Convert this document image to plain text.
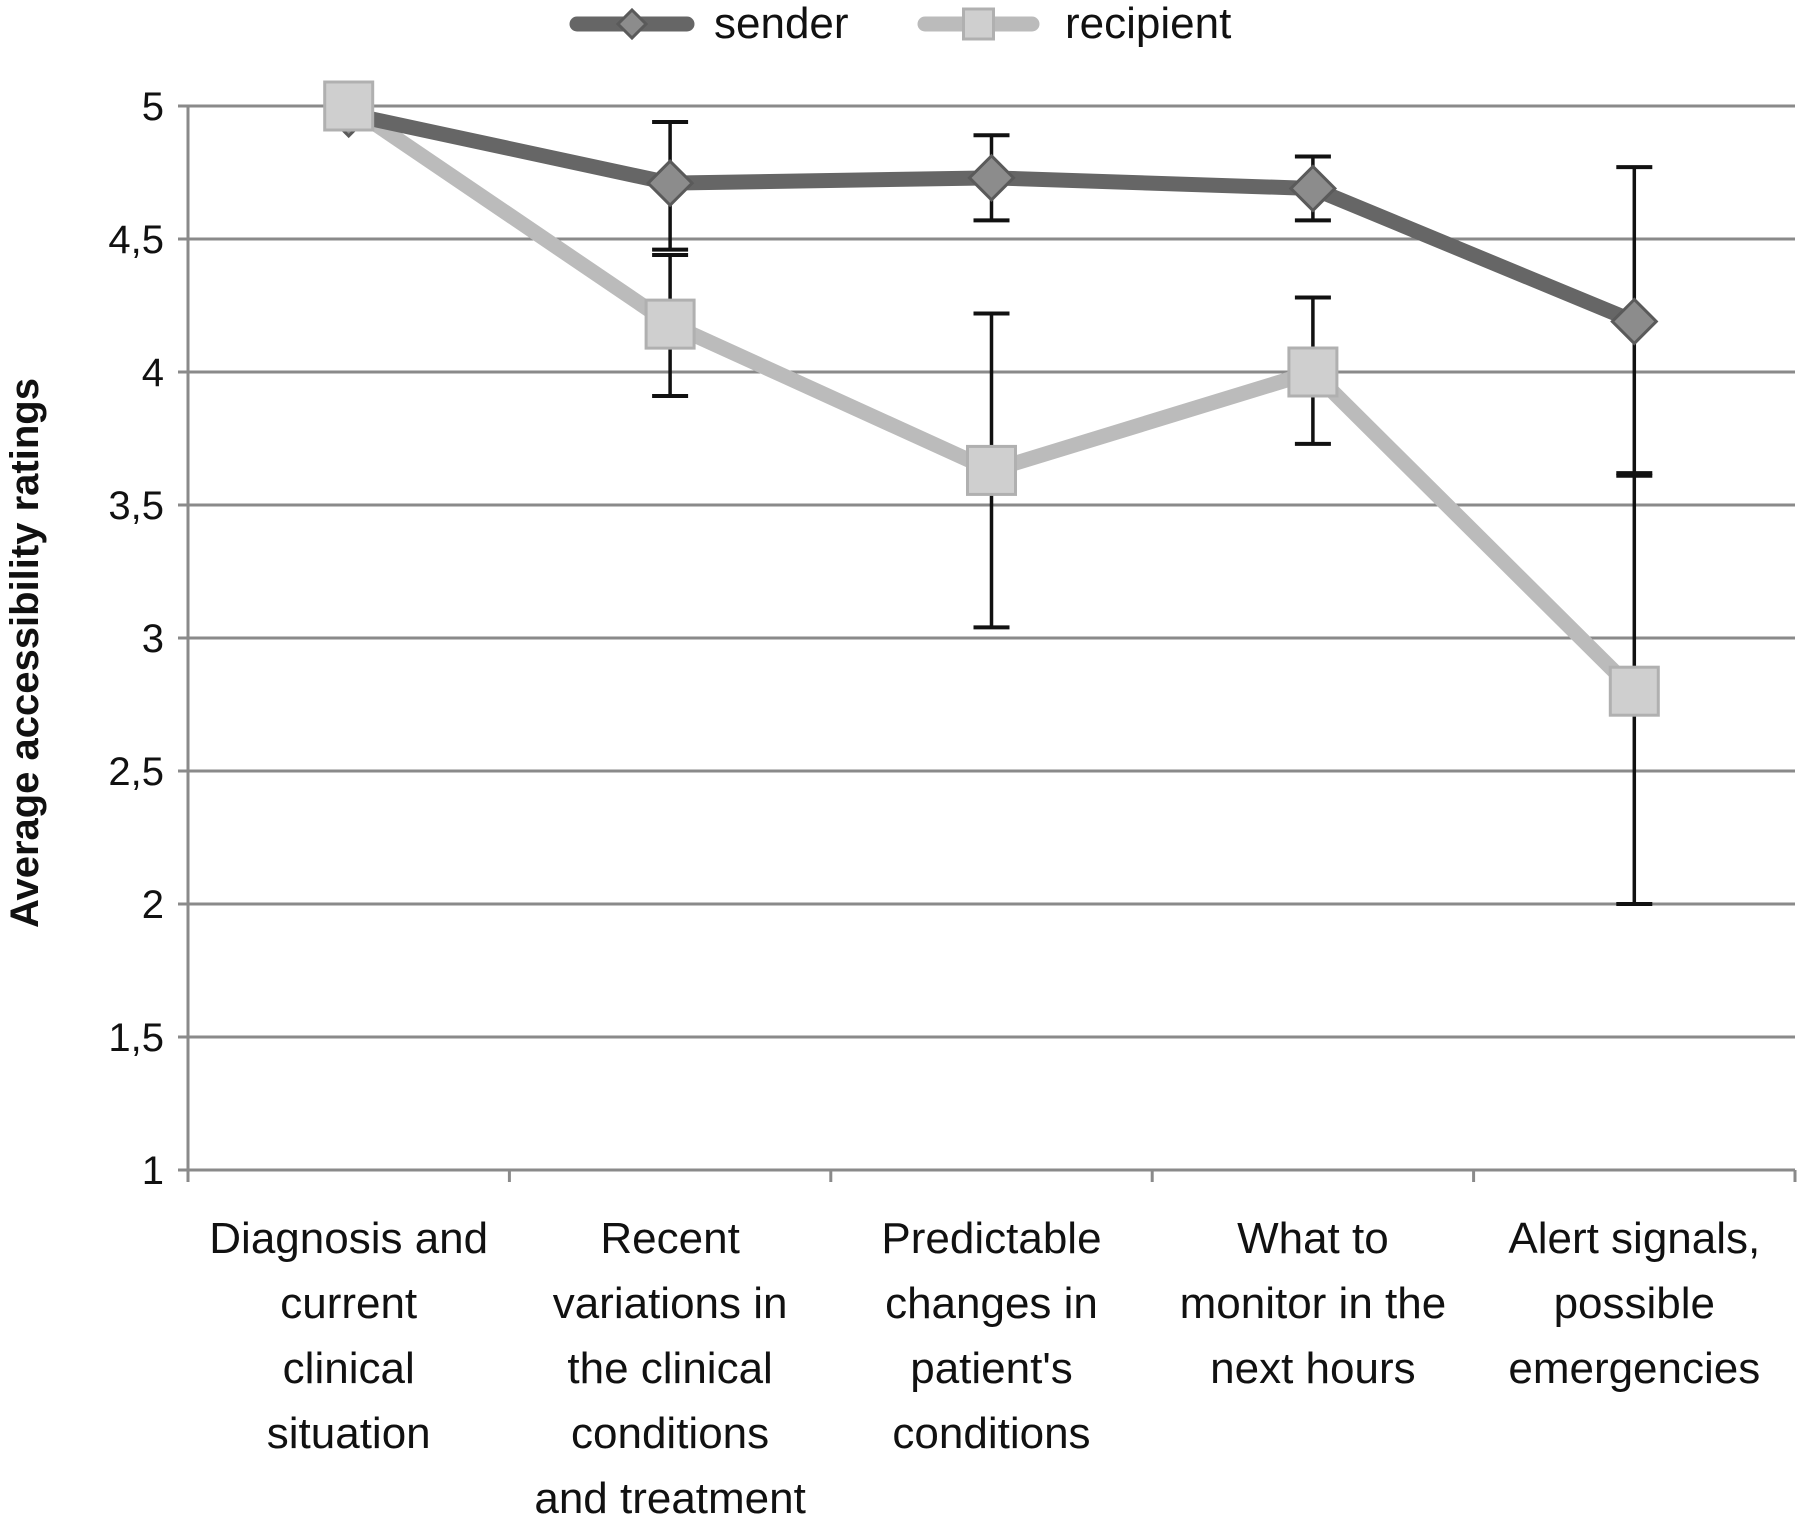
sender	recipient
1
1,5
2
2,5
3
3,5
4
4,5
5
Diagnosis and
current
clinical
situation
Recent
variations in
the clinical
conditions
and treatment
Predictable
changes in
patient's
conditions
What to
monitor in the
next hours
Alert signals,
possible
emergencies
Average accessibility ratings
